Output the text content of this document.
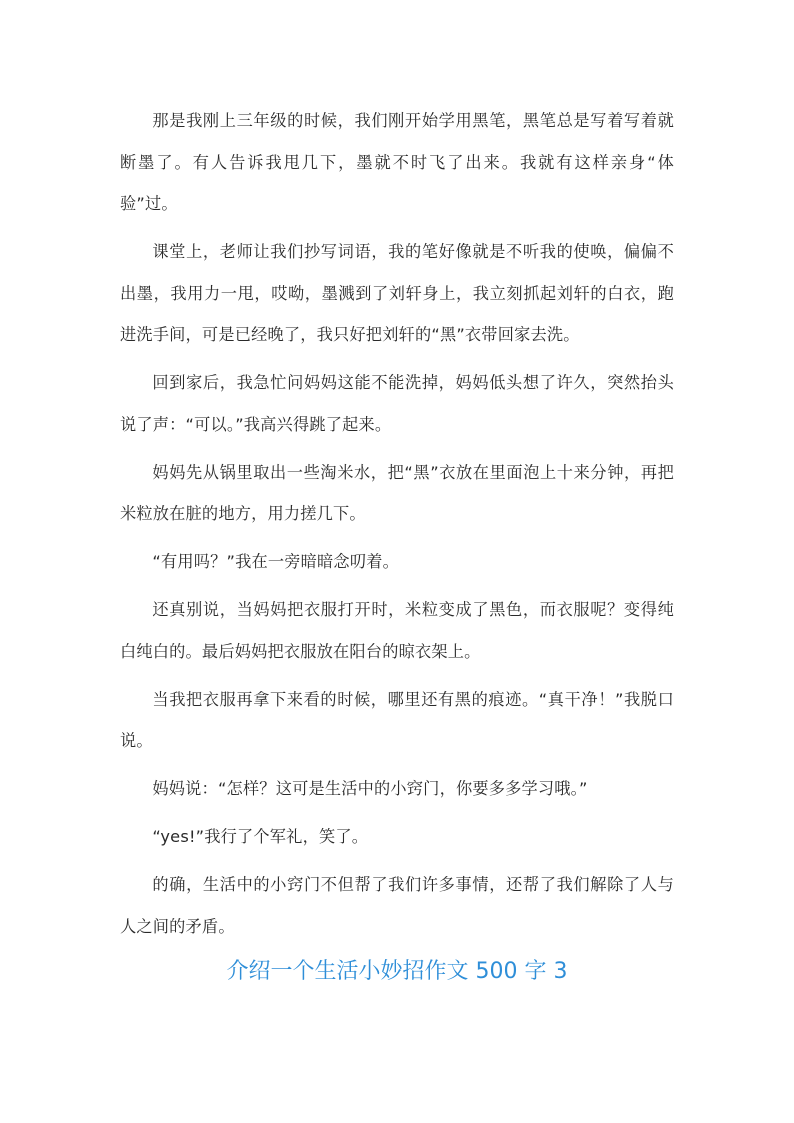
那是我刚上三年级的时候，我们刚开始学用黑笔，黑笔总是写着写着就断墨了。有人告诉我甩几下，墨就不时飞了出来。我就有这样亲身“体验”过。

课堂上，老师让我们抄写词语，我的笔好像就是不听我的使唤，偏偏不出墨，我用力一甩，哎呦，墨溅到了刘轩身上，我立刻抓起刘轩的白衣，跑进洗手间，可是已经晚了，我只好把刘轩的“黑”衣带回家去洗。

回到家后，我急忙问妈妈这能不能洗掉，妈妈低头想了许久，突然抬头说了声：“可以。”我高兴得跳了起来。

妈妈先从锅里取出一些淘米水，把“黑”衣放在里面泡上十来分钟，再把米粒放在脏的地方，用力搓几下。

“有用吗？”我在一旁暗暗念叨着。

还真别说，当妈妈把衣服打开时，米粒变成了黑色，而衣服呢？变得纯白纯白的。最后妈妈把衣服放在阳台的晾衣架上。

当我把衣服再拿下来看的时候，哪里还有黑的痕迹。“真干净！”我脱口说。

妈妈说：“怎样？这可是生活中的小窍门，你要多多学习哦。”

“yes!”我行了个军礼，笑了。

的确，生活中的小窍门不但帮了我们许多事情，还帮了我们解除了人与人之间的矛盾。

介绍一个生活小妙招作文 500 字 3
